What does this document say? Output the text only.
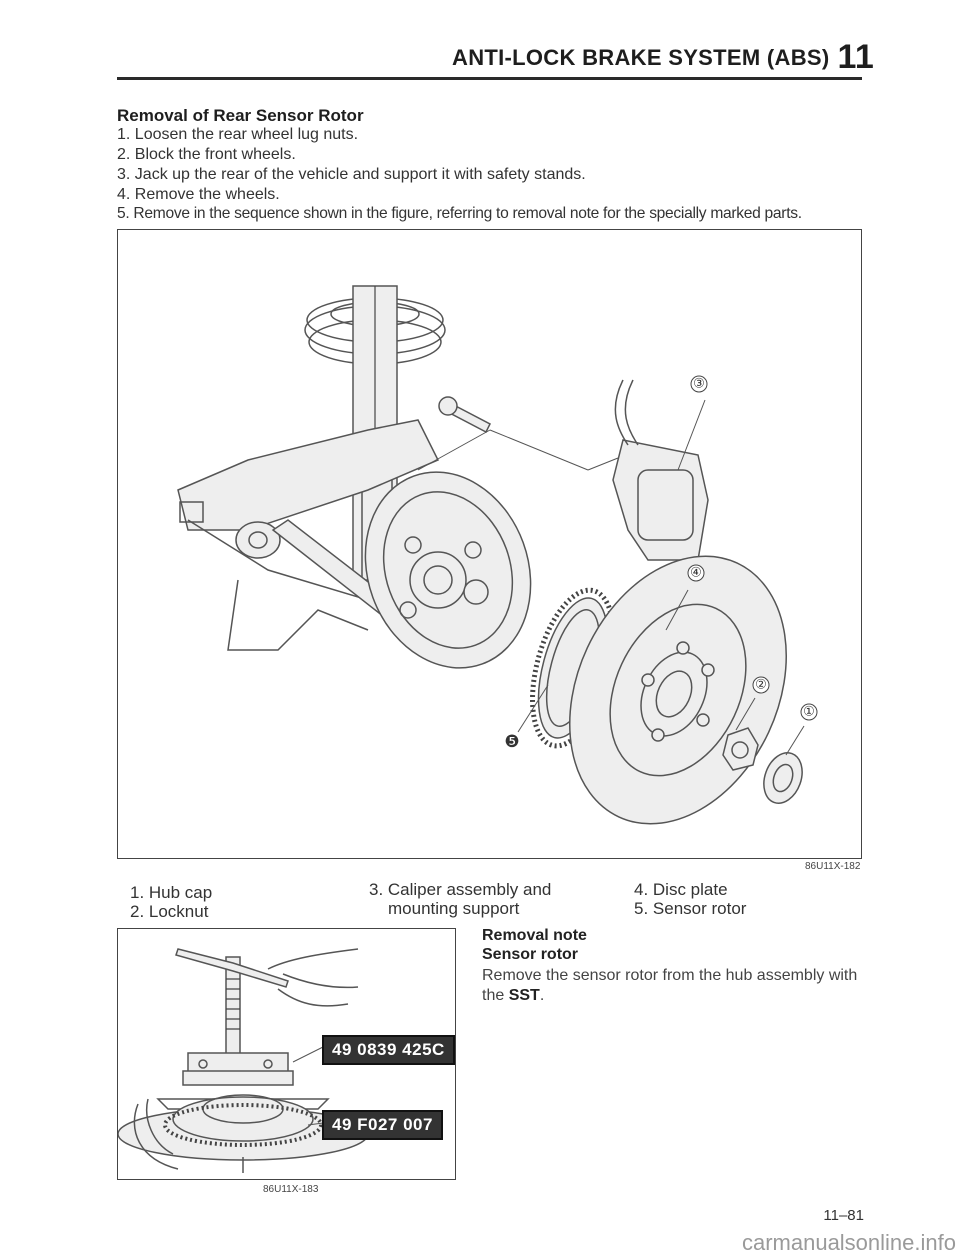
ANTI-LOCK BRAKE SYSTEM (ABS) 11
Removal of Rear Sensor Rotor
1. Loosen the rear wheel lug nuts.
2. Block the front wheels.
3. Jack up the rear of the vehicle and support it with safety stands.
4. Remove the wheels.
5. Remove in the sequence shown in the figure, referring to removal note for the specially marked parts.
③
④
②
①
❺
86U11X-182
1. Hub cap
2. Locknut
3. Caliper assembly and
mounting support
4. Disc plate
5. Sensor rotor
49 0839 425C
49 F027 007
86U11X-183
Removal note
Sensor rotor
Remove the sensor rotor from the hub assembly with the SST.
11–81
carmanualsonline.info
